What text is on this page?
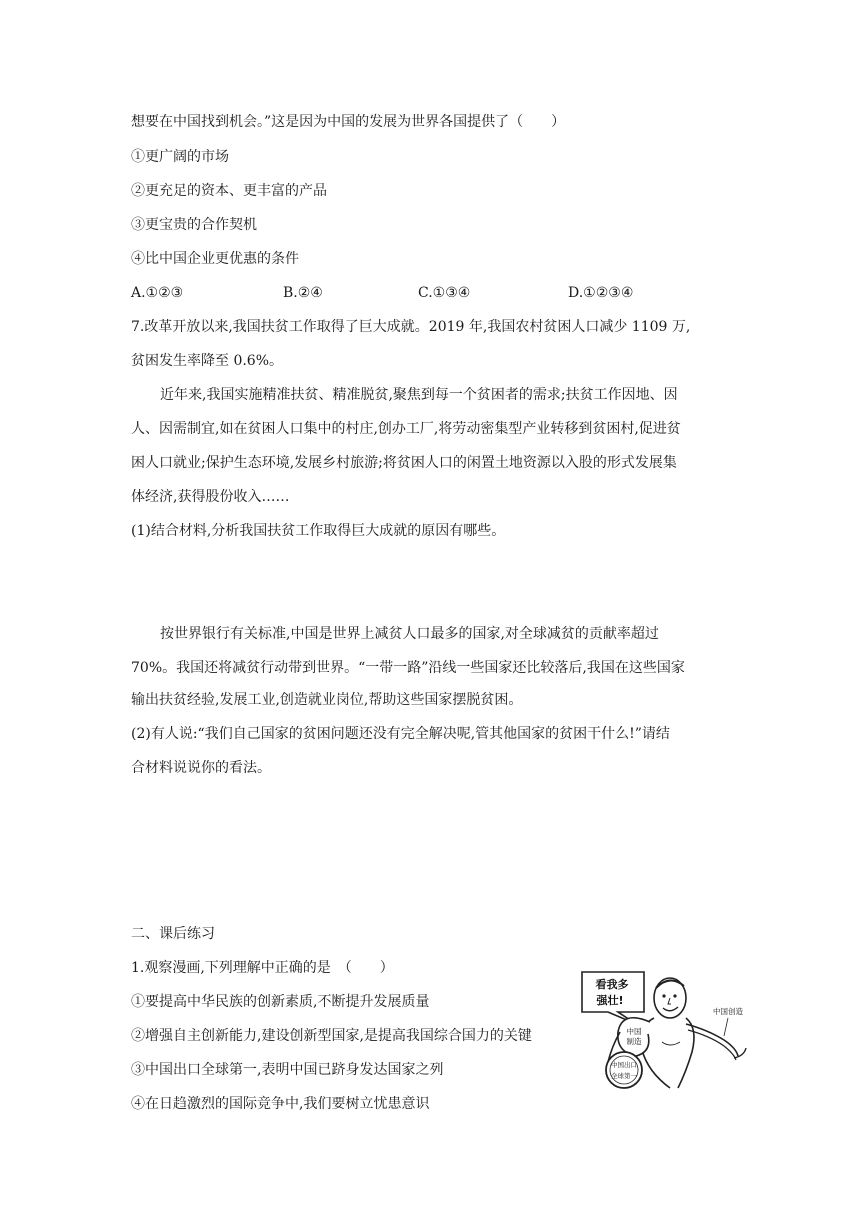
想要在中国找到机会。”这是因为中国的发展为世界各国提供了（　　）
①更广阔的市场
②更充足的资本、更丰富的产品
③更宝贵的合作契机
④比中国企业更优惠的条件
A.①②③	B.②④	C.①③④	D.①②③④
7.改革开放以来,我国扶贫工作取得了巨大成就。2019 年,我国农村贫困人口减少 1109 万,
贫困发生率降至 0.6%。
近年来,我国实施精准扶贫、精准脱贫,聚焦到每一个贫困者的需求;扶贫工作因地、因
人、因需制宜,如在贫困人口集中的村庄,创办工厂,将劳动密集型产业转移到贫困村,促进贫
困人口就业;保护生态环境,发展乡村旅游;将贫困人口的闲置土地资源以入股的形式发展集
体经济,获得股份收入……
(1)结合材料,分析我国扶贫工作取得巨大成就的原因有哪些。
按世界银行有关标准,中国是世界上减贫人口最多的国家,对全球减贫的贡献率超过
70%。我国还将减贫行动带到世界。“一带一路”沿线一些国家还比较落后,我国在这些国家
输出扶贫经验,发展工业,创造就业岗位,帮助这些国家摆脱贫困。
(2)有人说:“我们自己国家的贫困问题还没有完全解决呢,管其他国家的贫困干什么!”请结
合材料说说你的看法。
二、课后练习
1.观察漫画,下列理解中正确的是　（　　）
①要提高中华民族的创新素质,不断提升发展质量
②增强自主创新能力,建设创新型国家,是提高我国综合国力的关键
③中国出口全球第一,表明中国已跻身发达国家之列
④在日趋激烈的国际竞争中,我们要树立忧患意识
看我多
强壮!
中国
制造
中国出口
全球第一
中国创造
